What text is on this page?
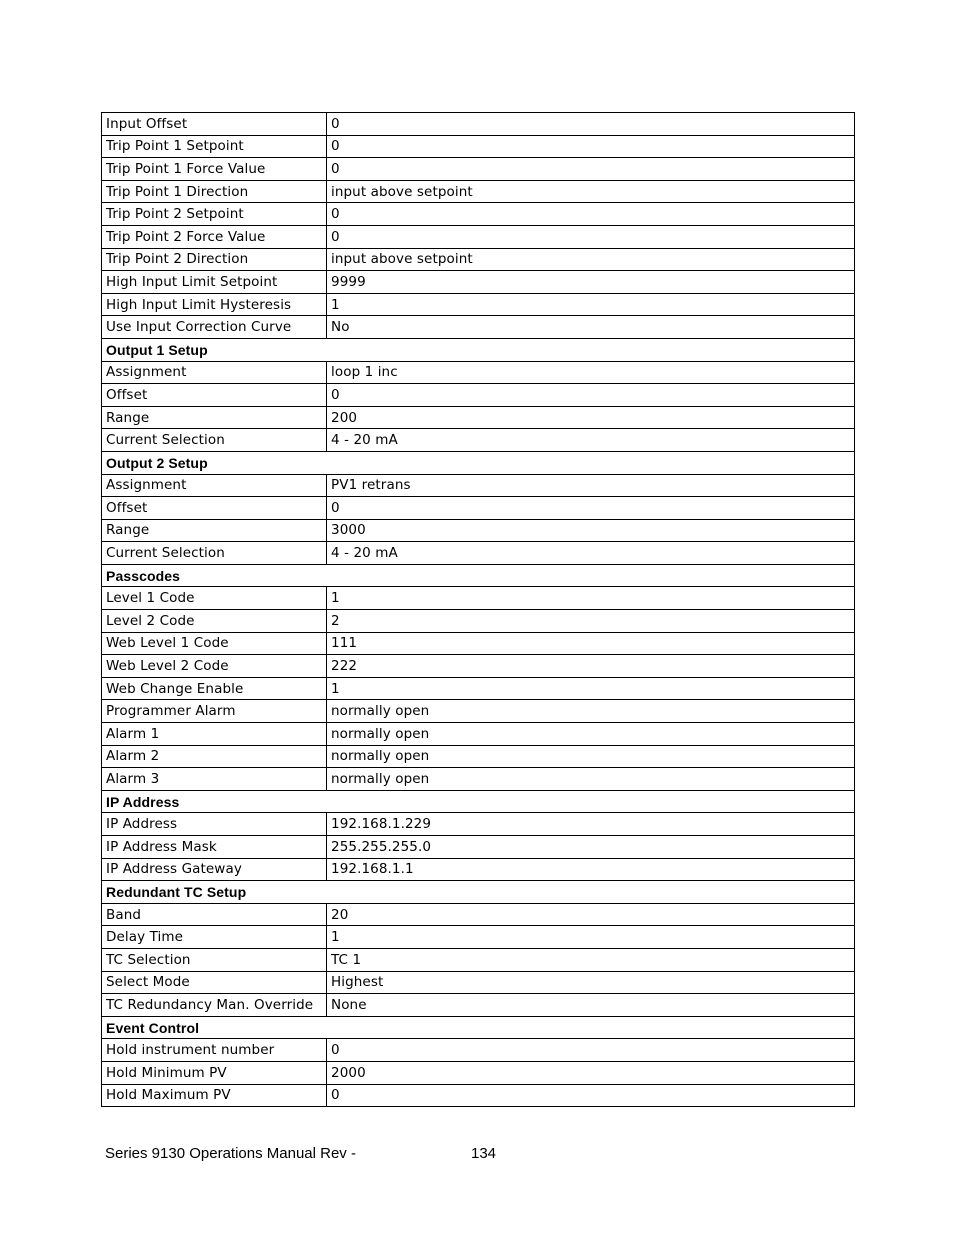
Input Offset	0
Trip Point 1 Setpoint	0
Trip Point 1 Force Value	0
Trip Point 1 Direction	input above setpoint
Trip Point 2 Setpoint	0
Trip Point 2 Force Value	0
Trip Point 2 Direction	input above setpoint
High Input Limit Setpoint	9999
High Input Limit Hysteresis	1
Use Input Correction Curve	No
Output 1 Setup	
Assignment	loop 1 inc
Offset	0
Range	200
Current Selection	4 - 20 mA
Output 2 Setup	
Assignment	PV1 retrans
Offset	0
Range	3000
Current Selection	4 - 20 mA
Passcodes	
Level 1 Code	1
Level 2 Code	2
Web Level 1 Code	111
Web Level 2 Code	222
Web Change Enable	1
Programmer Alarm	normally open
Alarm 1	normally open
Alarm 2	normally open
Alarm 3	normally open
IP Address	
IP Address	192.168.1.229
IP Address Mask	255.255.255.0
IP Address Gateway	192.168.1.1
Redundant TC Setup	
Band	20
Delay Time	1
TC Selection	TC 1
Select Mode	Highest
TC Redundancy Man. Override	None
Event Control	
Hold instrument number	0
Hold Minimum PV	2000
Hold Maximum PV	0
Series 9130 Operations Manual Rev -	134
